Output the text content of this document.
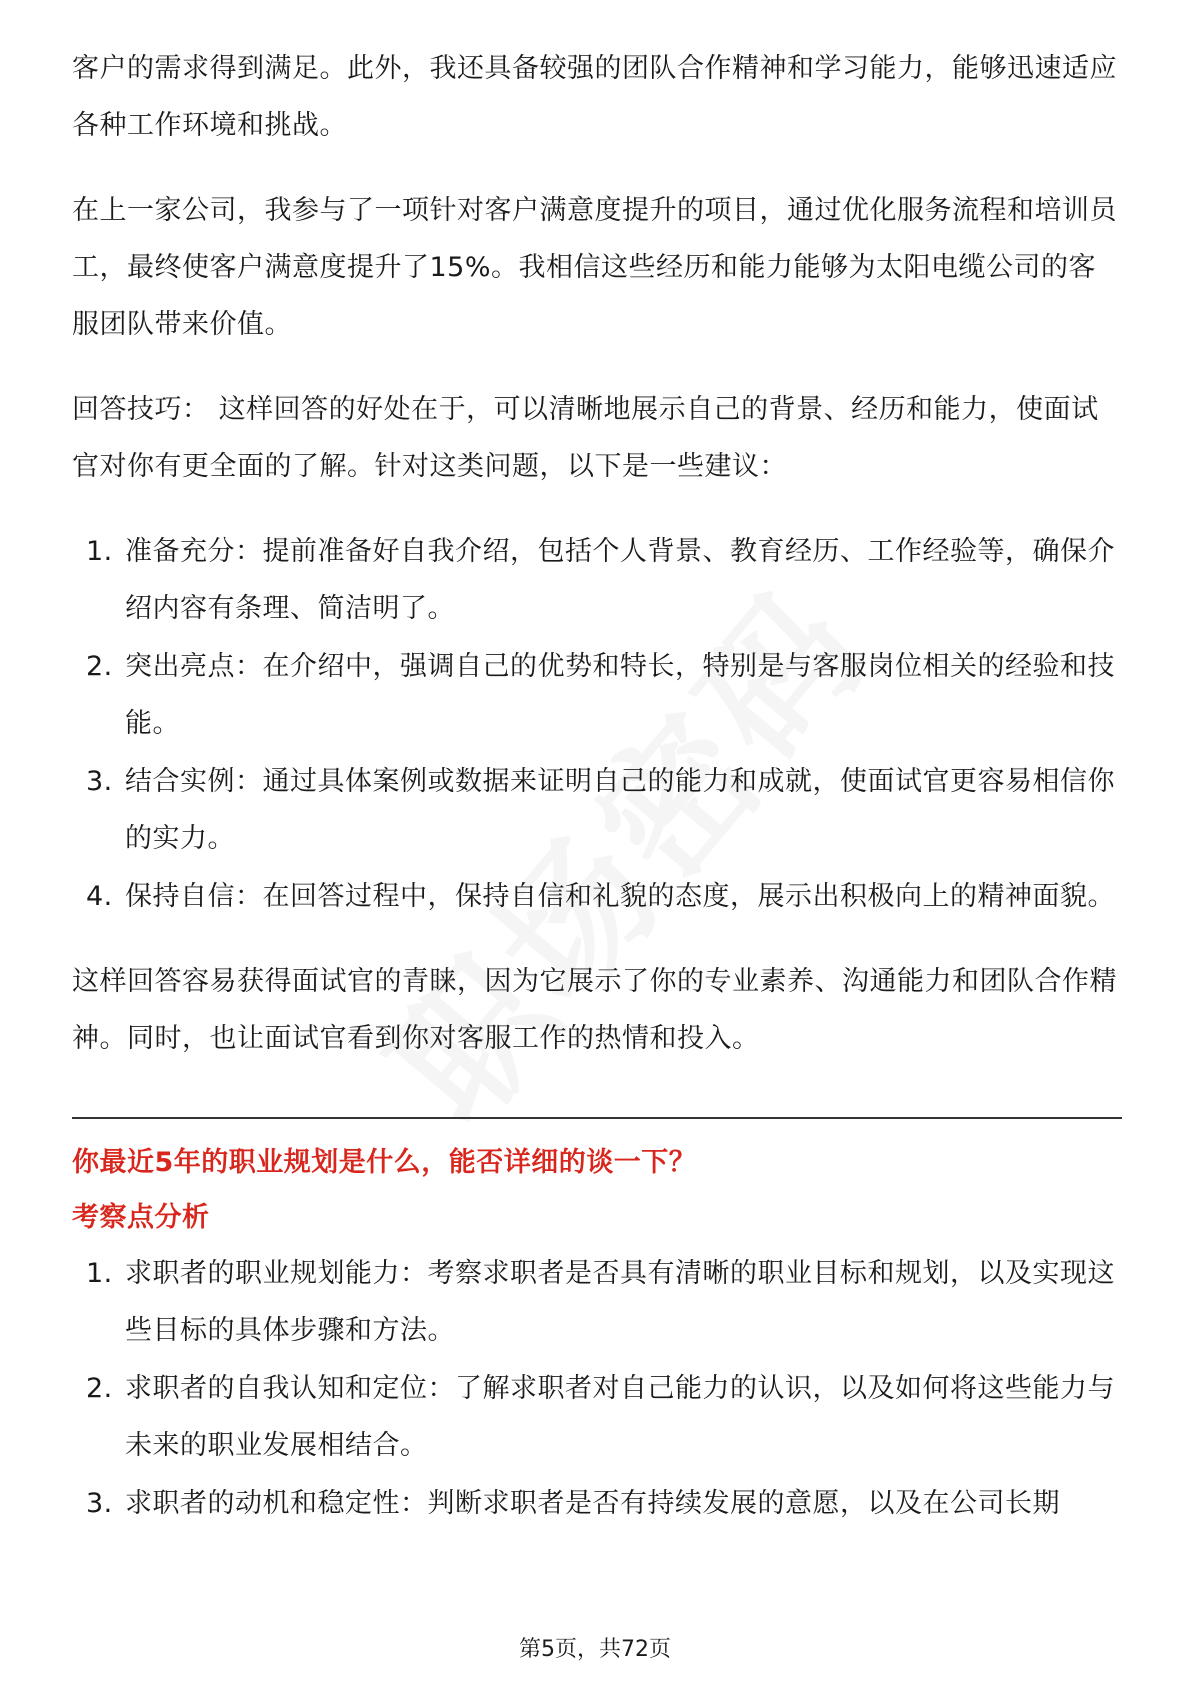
客户的需求得到满足。此外，我还具备较强的团队合作精神和学习能力，能够迅速适应各种工作环境和挑战。

在上一家公司，我参与了一项针对客户满意度提升的项目，通过优化服务流程和培训员工，最终使客户满意度提升了15%。我相信这些经历和能力能够为太阳电缆公司的客服团队带来价值。

回答技巧： 这样回答的好处在于，可以清晰地展示自己的背景、经历和能力，使面试官对你有更全面的了解。针对这类问题，以下是一些建议：

1. 准备充分：提前准备好自我介绍，包括个人背景、教育经历、工作经验等，确保介绍内容有条理、简洁明了。
2. 突出亮点：在介绍中，强调自己的优势和特长，特别是与客服岗位相关的经验和技能。
3. 结合实例：通过具体案例或数据来证明自己的能力和成就，使面试官更容易相信你的实力。
4. 保持自信：在回答过程中，保持自信和礼貌的态度，展示出积极向上的精神面貌。

这样回答容易获得面试官的青睐，因为它展示了你的专业素养、沟通能力和团队合作精神。同时，也让面试官看到你对客服工作的热情和投入。

你最近5年的职业规划是什么，能否详细的谈一下？
考察点分析
1. 求职者的职业规划能力：考察求职者是否具有清晰的职业目标和规划，以及实现这些目标的具体步骤和方法。
2. 求职者的自我认知和定位：了解求职者对自己能力的认识，以及如何将这些能力与未来的职业发展相结合。
3. 求职者的动机和稳定性：判断求职者是否有持续发展的意愿，以及在公司长期
第5页，共72页
